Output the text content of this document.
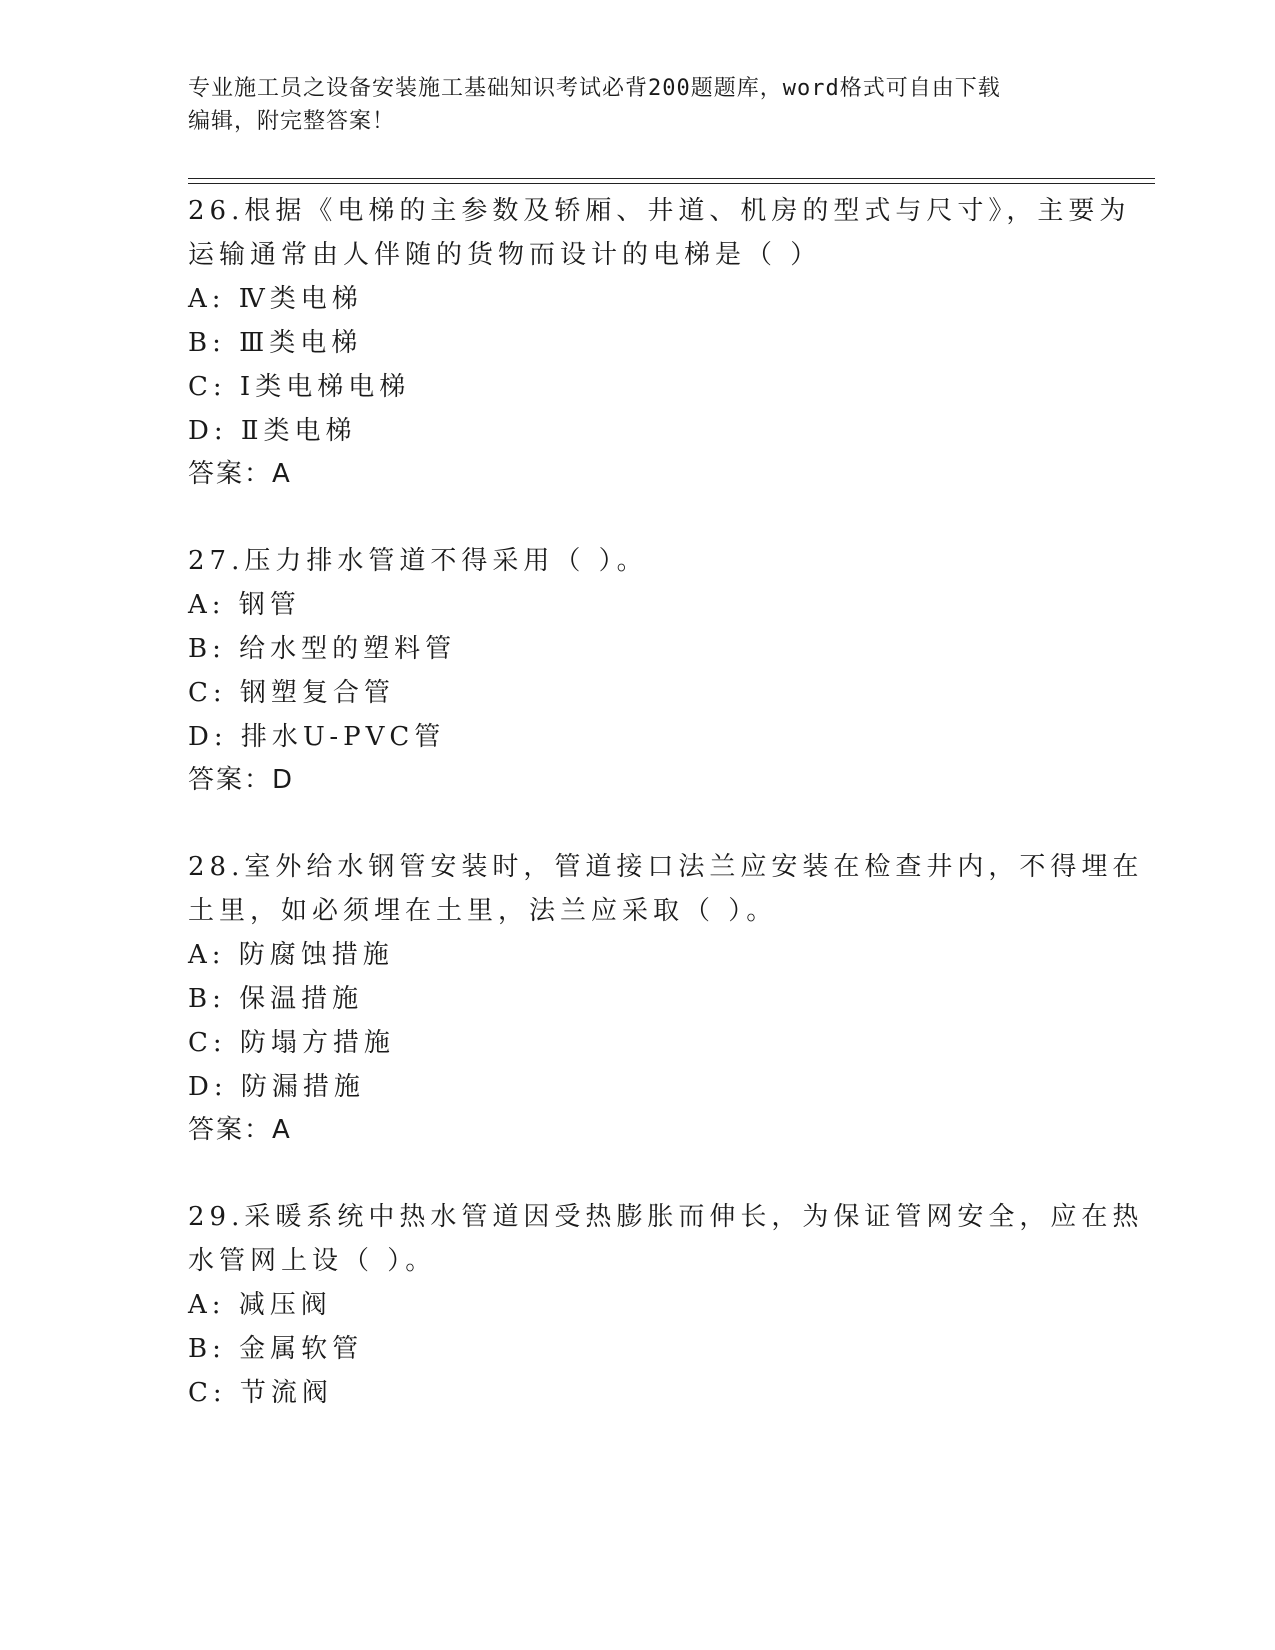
专业施工员之设备安装施工基础知识考试必背200题题库，word格式可自由下载
编辑，附完整答案！
26.根据《电梯的主参数及轿厢、井道、机房的型式与尺寸》，主要为
运输通常由人伴随的货物而设计的电梯是（ ）
A: Ⅳ类电梯
B: Ⅲ类电梯
C: Ⅰ类电梯电梯
D: Ⅱ类电梯
答案：A
27.压力排水管道不得采用（ ）。
A: 钢管
B: 给水型的塑料管
C: 钢塑复合管
D: 排水U-PVC管
答案：D
28.室外给水钢管安装时，管道接口法兰应安装在检查井内，不得埋在
土里，如必须埋在土里，法兰应采取（ ）。
A: 防腐蚀措施
B: 保温措施
C: 防塌方措施
D: 防漏措施
答案：A
29.采暖系统中热水管道因受热膨胀而伸长，为保证管网安全，应在热
水管网上设（ ）。
A: 减压阀
B: 金属软管
C: 节流阀
